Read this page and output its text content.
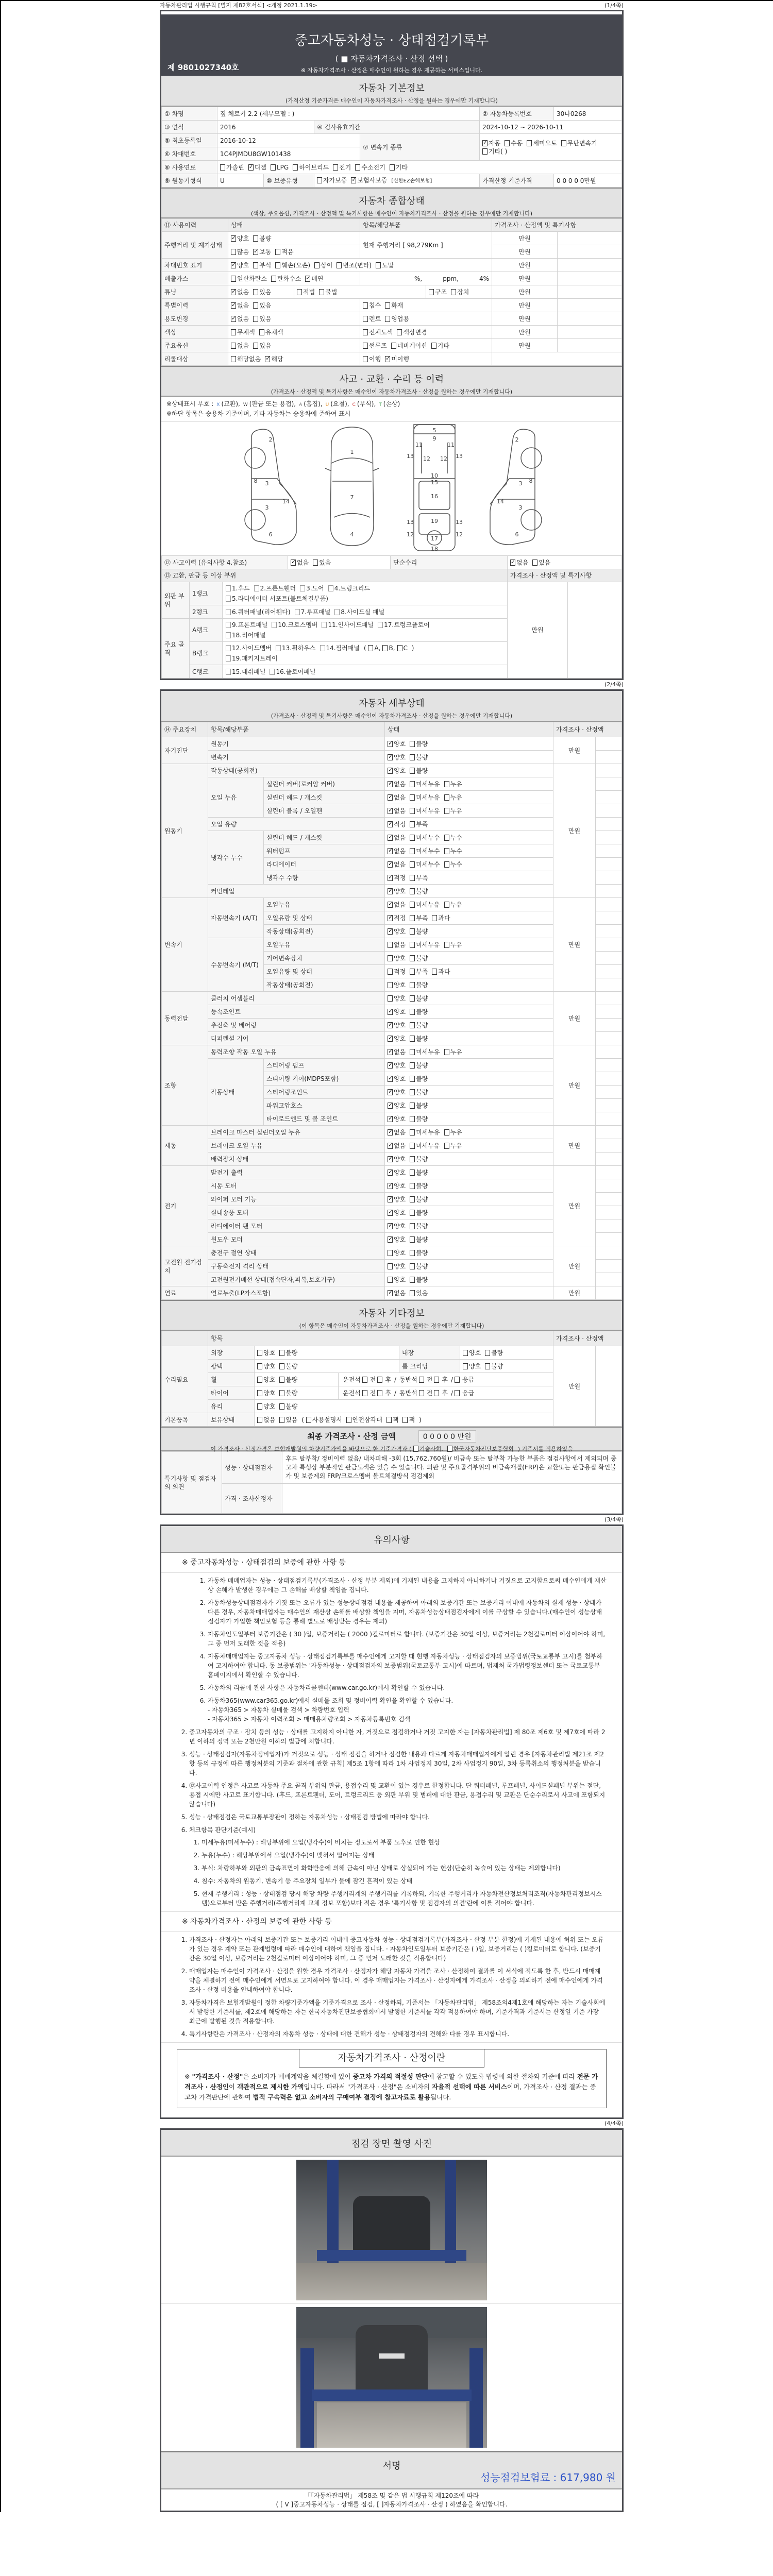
자동차관리법 시행규칙 [별지 제82호서식] <개정 2021.1.19>	(1/4쪽)
중고자동차성능 · 상태점검기록부
( ■ 자동차가격조사 · 산정 선택 )
※ 자동차가격조사 · 산정은 매수인이 원하는 경우 제공하는 서비스입니다.
제 9801027340호
자동차 기본정보
(가격산정 기준가격은 매수인이 자동차가격조사 · 산정을 원하는 경우에만 기재합니다)
① 차명	짚 체로키 2.2 (세부모델 : )				② 자동차등록번호	30나0268
③ 연식	2016		④ 검사유효기간		2024-10-12 ~ 2026-10-11	
⑤ 최초등록일	2016-10-12			⑦ 변속기 종류	✓자동 수동 세미오토 무단변속기기타( )
⑥ 차대번호	1C4PJMDU8GW101438					
⑧ 사용연료	가솔린 ✓ 디젤 LPG 하이브리드 전기 수소전기 기타
⑨ 원동기형식	U	⑩ 보증유형	자가보증 ✓ 보험사보증 [신한EZ손해보험]		가격산정 기준가격	0 0 0 0 0만원
자동차 종합상태
(색상, 주요옵션, 가격조사 · 산정액 및 특기사항은 매수인이 자동차가격조사 · 산정을 원하는 경우에만 기재합니다)
⑪ 사용이력	상태		항목/해당부품		가격조사 · 산정액 및 특기사항	
주행거리 및 계기상태	✓양호 불량		현재 주행거리 [ 98,279Km ]		만원	
	많음 ✓ 보통 적음				만원	
차대번호 표기	✓양호 부식 훼손(오손) 상이 변조(변타) 도말				만원	
배출가스	일산화탄소 탄화수소 ✓ 매연		%, ppm, 4%		만원	
튜닝	✓없음 있음	적법 불법		구조 장치	만원	
특별이력	✓없음 있음		침수 화재		만원	
용도변경	✓없음 있음		렌트 영업용		만원	
색상	무채색 유채색		전체도색 색상변경		만원	
주요옵션	없음 있음		썬루프 네비게이션 기타		만원	
리콜대상	해당없음 ✓ 해당		이행 ✓ 미이행	
사고 · 교환 · 수리 등 이력
(가격조사 · 산정액 및 특기사항은 매수인이 자동차가격조사 · 산정을 원하는 경우에만 기재합니다)
※상태표시 부호 : X (교환), W (판금 또는 용접), A (흠집), U (요철), C (부식), T (손상)
※하단 항목은 승용차 기준이며, 기타 자동차는 승용차에 준하여 표시
1
7
4
2
8 3
14
3
6
2
8
3
14
3
6
5
9
11	11
13	13
12 12
10
15
16
13	13
19
12	12
17
18
⑫ 사고이력 (유의사항 4.참조)	✓없음 있음	단순수리	✓없음 있음
⑬ 교환, 판금 등 이상 부위					가격조사 · 산정액 및 특기사항	
외판 부위	1랭크	1.후드 2.프론트휀더 3.도어 4.트렁크리드
5.라디에이터 서포트(볼트체결부품)			만원	
	2랭크	6.쿼터패널(리어휀다) 7.루프패널 8.사이드실 패널				

주요 골격	A랭크	9.프론트패널 10.크로스멤버 11.인사이드패널 17.트렁크플로어
18.리어패널				

	B랭크	12.사이드멤버 13.휠하우스 14.필러패널 ( A, B, C )
19.패키지트레이				

	C랭크	15.대쉬패널 16.플로어패널				
(2/4쪽)
자동차 세부상태
(가격조사 · 산정액 및 특기사항은 매수인이 자동차가격조사 · 산정을 원하는 경우에만 기재합니다)
⑭ 주요장치	항목/해당부품		상태	가격조사 · 산정액	
자기진단	원동기	✓양호 불량	만원	
	변속기	✓양호 불량	
원동기	작동상태(공회전)	✓양호 불량	만원	
	오일 누유	실린더 커버(로커암 커버)	✓없음 미세누유 누유	
		실린더 헤드 / 개스킷	✓없음 미세누유 누유	
		실린더 블록 / 오일팬	✓없음 미세누유 누유	
	오일 유량	✓적정 부족	
	냉각수 누수	실린더 헤드 / 개스킷	✓없음 미세누수 누수	
		워터펌프	✓없음 미세누수 누수	
		라디에이터	✓없음 미세누수 누수	
		냉각수 수량	✓적정 부족	
	커먼레일	✓양호 불량	
변속기	자동변속기 (A/T)	오일누유	✓없음 미세누유 누유	만원	
		오일유량 및 상태	✓적정 부족 과다	
		작동상태(공회전)	✓양호 불량	
	수동변속기 (M/T)	오일누유	없음 미세누유 누유		
		기어변속장치	양호 불량		
		오일유량 및 상태	적정 부족 과다		
		작동상태(공회전)	양호 불량		
동력전달	클러치 어셈블리		양호 불량	만원	
	등속조인트	✓양호 불량	
	추진축 및 베어링	✓양호 불량	
	디퍼렌셜 기어	✓양호 불량	
조향	동력조향 작동 오일 누유	✓없음 미세누유 누유	만원	
	작동상태	스티어링 펌프	✓양호 불량	
		스티어링 기어(MDPS포함)	✓양호 불량	
		스티어링조인트	✓양호 불량	
		파워고압호스	✓양호 불량	
		타이로드엔드 및 볼 조인트	✓양호 불량	
제동	브레이크 마스터 실린더오일 누유	✓없음 미세누유 누유	만원	
	브레이크 오일 누유	✓없음 미세누유 누유	
	배력장치 상태	✓양호 불량	
전기	발전기 출력	✓양호 불량	만원	
	시동 모터	✓양호 불량	
	와이퍼 모터 기능	✓양호 불량	
	실내송풍 모터	✓양호 불량	
	라디에이터 팬 모터	✓양호 불량	
	윈도우 모터	✓양호 불량	
고전원 전기장치	충전구 절연 상태		양호 불량	만원	
	구동축전지 격리 상태		양호 불량		
	고전원전기배선 상태(접속단자,피복,보호기구)		양호 불량		
연료	연료누출(LP가스포함)	✓없음 있음	만원	
자동차 기타정보
(이 항목은 매수인이 자동차가격조사 · 산정을 원하는 경우에만 기재합니다)
	항목					가격조사 · 산정액	
수리필요	외장	양호 불량		내장	양호 불량	만원	
	광택	양호 불량		룸 크리닝	양호 불량		
	휠	양호 불량	운전석 전 후 / 동반석 전 후 / 응급				
	타이어	양호 불량	운전석 전 후 / 동반석 전 후 / 응급				
	유리	양호 불량					
기본품목	보유상태	없음 있음 ( 사용설명서 안전삼각대 잭 잭 )					
최종 가격조사 · 산정 금액	0 0 0 0 0 만원
이 가격조사 · 산정가격은 보험개발원의 차량기준가액을 바탕으로 한 기준가격과 ( 기술사회, 한국자동차진단보증협회 ) 기준서를 적용하였음
특기사항 및 점검자의 의견	성능 · 상태점검자	후드 탈부착/ 정비이력 없음/ 내차피해 -3회 (15,762,760원)/ 비금속 또는 탈부착 가능한 부품은 점검사항에서 제외되며 중고차 특성상 부분적인 판금도색은 있을 수 있습니다. 외판 및 주요골격부위의 비금속재질(FRP)은 교환또는 판금용접 확인불가 및 보증제외 FRP/크로스멤버 볼트체결방식 점검제외
	가격 · 조사산정자	
(3/4쪽)
유의사항
※ 중고자동차성능 · 상태점검의 보증에 관한 사항 등
1. 자동차 매매업자는 성능 · 상태점검기록부(가격조사 · 산정 부분 제외)에 기재된 내용을 고지하지 아니하거나 거짓으로 고지함으로써 매수인에게 재산상 손해가 발생한 경우에는 그 손해를 배상할 책임을 집니다.
2. 자동차성능상태점검자가 거짓 또는 오류가 있는 성능상태점검 내용을 제공하여 아래의 보증기간 또는 보증거리 이내에 자동차의 실제 성능 · 상태가 다른 경우, 자동차매매업자는 매수인의 재산상 손해를 배상할 책임을 지며, 자동차성능상태점검자에게 이를 구상할 수 있습니다.(매수인이 성능상태점검자가 가입한 책임보험 등을 통해 별도로 배상받는 경우는 제외)
3. 자동차인도일부터 보증기간은 ( 30 )일, 보증거리는 ( 2000 )킬로미터로 합니다. (보증기간은 30일 이상, 보증거리는 2천킬로미터 이상이어야 하며, 그 중 먼저 도래한 것을 적용)
4. 자동차매매업자는 중고자동차 성능 · 상태점검기록부를 매수인에게 고지할 때 현행 자동차성능 · 상태점검자의 보증범위(국토교통부 고시)를 첨부하여 고지하여야 합니다. 동 보증범위는 '자동차성능 · 상태점검자의 보증범위(국토교통부 고시)에 따르며, 법제처 국가법령정보센터 또는 국토교통부 홈페이지에서 확인할 수 있습니다.
5. 자동차의 리콜에 관한 사항은 자동차리콜센터(www.car.go.kr)에서 확인할 수 있습니다.
6. 자동차365(www.car365.go.kr)에서 실매물 조회 및 정비이력 확인을 확인할 수 있습니다.
- 자동차365 > 자동차 실매물 검색 > 차량번호 입력
- 자동차365 > 자동차 이력조회 > 매매용차량조회 > 자동차등록번호 검색
2. 중고자동차의 구조 · 장치 등의 성능 · 상태를 고지하지 아니한 자, 거짓으로 점검하거나 거짓 고지한 자는 [자동차관리법] 제 80조 제6호 및 제7호에 따라 2년 이하의 징역 또는 2천만원 이하의 벌금에 처합니다.
3. 성능 · 상태점검자(자동차정비업자)가 거짓으로 성능 · 상태 점검을 하거나 점검한 내용과 다르게 자동차매매업자에게 알린 경우 [자동차관리법 제21조 제2항 등의 규정에 따른 행정처분의 기준과 절차에 관한 규칙] 제5조 1항에 따라 1차 사업정지 30일, 2차 사업정지 90일, 3차 등록취소의 행정처분을 받습니다.
4. ⑫사고이력 인정은 사고로 자동차 주요 골격 부위의 판금, 용접수리 및 교환이 있는 경우로 한정합니다. 단 쿼터패널, 루프패널, 사이드실패널 부위는 절단, 용접 시에만 사고로 표기합니다. (후드, 프론트펜더, 도어, 트렁크리드 등 외판 부위 및 범퍼에 대한 판금, 용접수리 및 교환은 단순수리로서 사고에 포함되지 않습니다)
5. 성능 · 상태점검은 국토교통부장관이 정하는 자동차성능 · 상태점검 방법에 따라야 합니다.
6. 체크항목 판단기준(예시)
1. 미세누유(미세누수) : 해당부위에 오일(냉각수)이 비치는 정도로서 부품 노후로 인한 현상
2. 누유(누수) : 해당부위에서 오일(냉각수)이 맺혀서 떨어지는 상태
3. 부식: 차량하부와 외판의 금속표면이 화학반응에 의해 금속이 아닌 상태로 상실되어 가는 현상(단순히 녹슬어 있는 상태는 제외합니다)
4. 침수: 자동차의 원동기, 변속기 등 주요장치 일부가 물에 잠긴 흔적이 있는 상태
5. 현재 주행거리 : 성능 · 상태점검 당시 해당 차량 주행거리계의 주행거리를 기록하되, 기록한 주행거리가 자동차전산정보처리조직(자동차관리정보시스템)으로부터 받은 주행거리(주행거리계 교체 정보 포함)보다 적은 경우 '특기사항 및 점검자의 의견'란에 이를 적어야 합니다.
※ 자동차가격조사 · 산정의 보증에 관한 사항 등
1. 가격조사 · 산정자는 아래의 보증기간 또는 보증거리 이내에 중고자동차 성능 · 상태점검기록부(가격조사 · 산정 부분 한정)에 기재된 내용에 허위 또는 오류가 있는 경우 계약 또는 관계법령에 따라 매수인에 대하여 책임을 집니다. · 자동차인도일부터 보증기간은 ( )일, 보증거리는 ( )킬로미터로 합니다. (보증기간은 30일 이상, 보증거리는 2천킬로미터 이상이어야 하며, 그 중 먼저 도래한 것을 적용합니다)
2. 매매업자는 매수인이 가격조사 · 산정을 원할 경우 가격조사 · 산정자가 해당 자동차 가격을 조사 · 산정하여 결과를 이 서식에 적도록 한 후, 반드시 매매계약을 체결하기 전에 매수인에게 서면으로 고지하여야 합니다. 이 경우 매매업자는 가격조사 · 산정자에게 가격조사 · 산정을 의뢰하기 전에 매수인에게 가격조사 · 산정 비용을 안내하여야 합니다.
3. 자동차가격은 보험개발원이 정한 차량기준가액을 기준가격으로 조사 · 산정하되, 기준서는 「자동차관리법」 제58조의4제1호에 해당하는 자는 기술사회에서 발행한 기준서를, 제2호에 해당하는 자는 한국자동차진단보증협회에서 발행한 기준서를 각각 적용하여야 하며, 기준가격과 기준서는 산정일 기준 가장 최근에 발행된 것을 적용합니다.
4. 특기사항란은 가격조사 · 산정자의 자동차 성능 · 상태에 대한 견해가 성능 · 상태점검자의 견해와 다를 경우 표시합니다.
자동차가격조사 · 산정이란

※ "가격조사 · 산정"은 소비자가 매매계약을 체결함에 있어 중고차 가격의 적절성 판단에 참고할 수 있도록 법령에 의한 절차와 기준에 따라 전문 가격조사 · 산정인이 객관적으로 제시한 가액입니다. 따라서 "가격조사 · 산정"은 소비자의 자율적 선택에 따른 서비스이며, 가격조사 · 산정 결과는 중고차 가격판단에 관하여 법적 구속력은 없고 소비자의 구매여부 결정에 참고자료로 활용됩니다.

(4/4쪽)
점검 장면 촬영 사진
서명
성능점검보험료 : 617,980 원
「「자동차관리법」 제58조 및 같은 법 시행규칙 제120조에 따라
( [ V ]중고자동차성능 · 상태를 점검, [ ]자동차가격조사 · 산정 ) 하였음을 확인합니다.
